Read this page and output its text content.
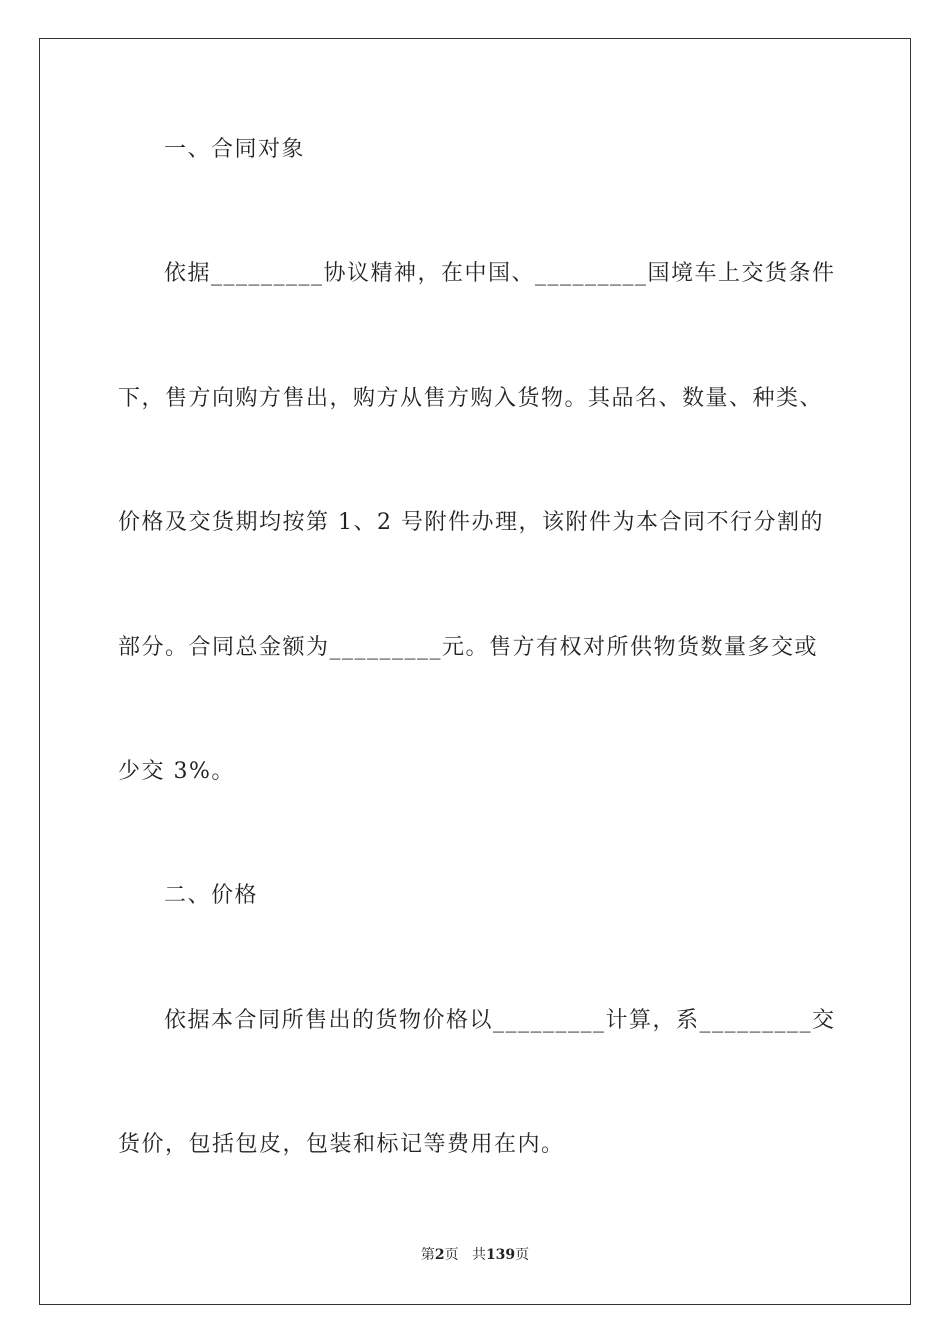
一、合同对象
依据_________协议精神，在中国、_________国境车上交货条件
下，售方向购方售出，购方从售方购入货物。其品名、数量、种类、
价格及交货期均按第 1、2 号附件办理，该附件为本合同不行分割的
部分。合同总金额为_________元。售方有权对所供物货数量多交或
少交 3%。
二、价格
依据本合同所售出的货物价格以_________计算，系_________交
货价，包括包皮，包装和标记等费用在内。
第2页 共139页
